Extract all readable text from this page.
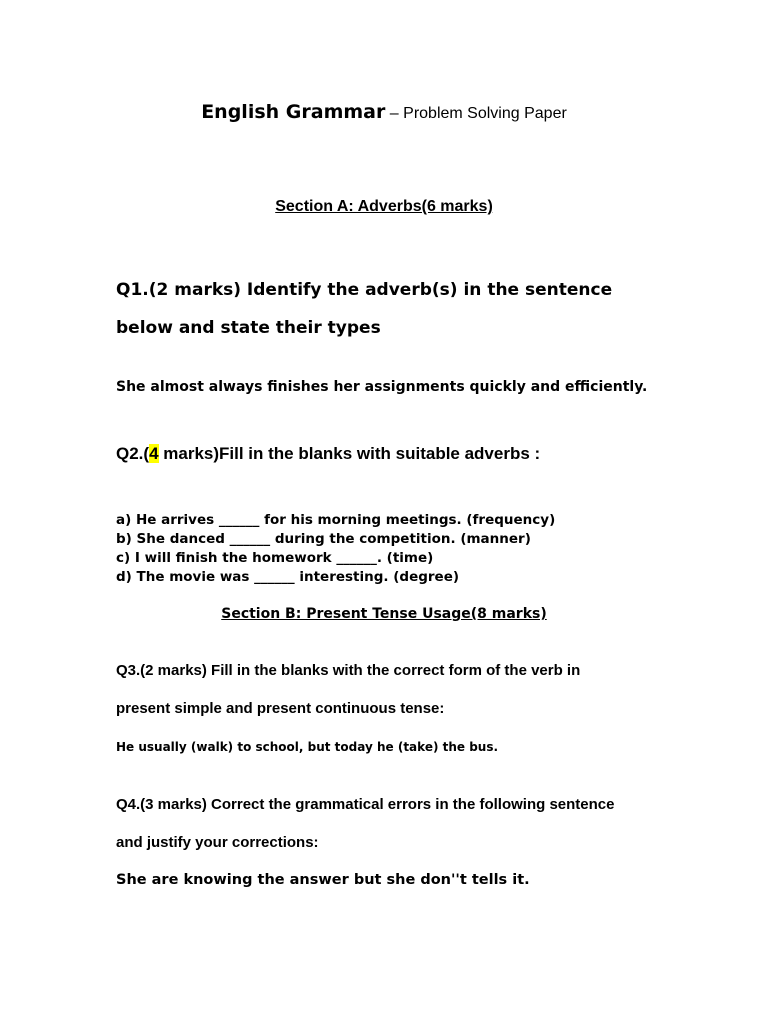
English Grammar – Problem Solving Paper
Section A: Adverbs(6 marks)
Q1.(2 marks) Identify the adverb(s) in the sentence
below and state their types
She almost always finishes her assignments quickly and efficiently.
Q2.(4 marks)Fill in the blanks with suitable adverbs :
a) He arrives ______ for his morning meetings. (frequency)
b) She danced ______ during the competition. (manner)
c) I will finish the homework ______. (time)
d) The movie was ______ interesting. (degree)
Section B: Present Tense Usage(8 marks)
Q3.(2 marks) Fill in the blanks with the correct form of the verb in
present simple and present continuous tense:
He usually (walk) to school, but today he (take) the bus.
Q4.(3 marks) Correct the grammatical errors in the following sentence
and justify your corrections:
She are knowing the answer but she don''t tells it.
